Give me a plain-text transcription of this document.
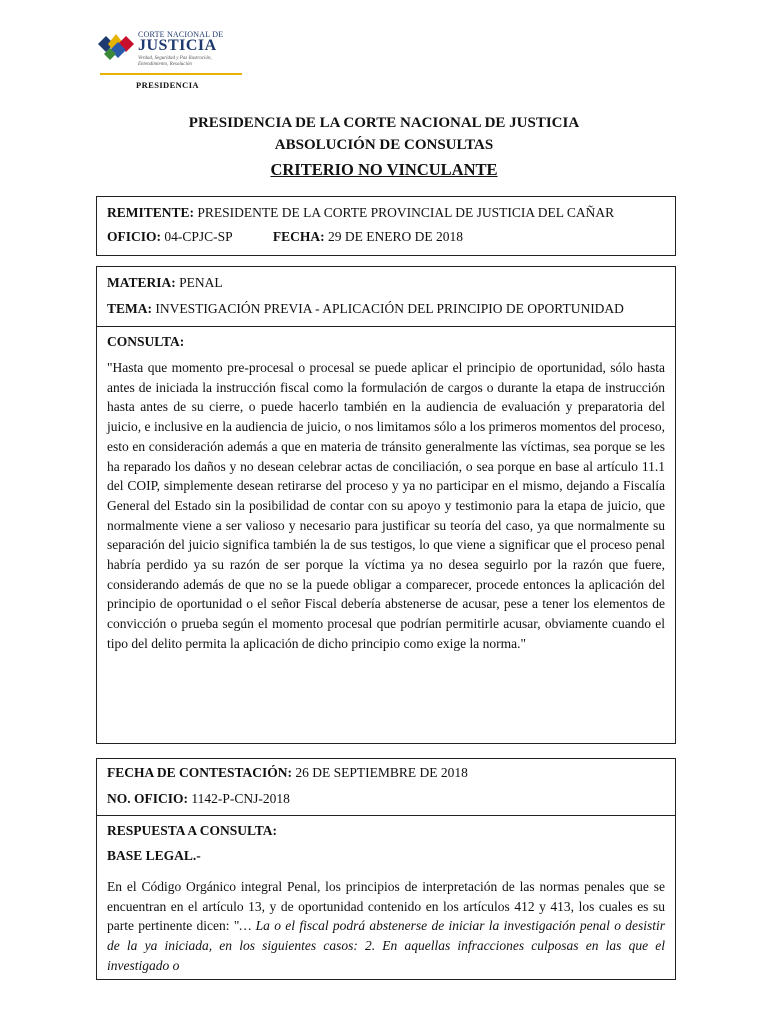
CORTE NACIONAL DE
JUSTICIA
Verdad, Seguridad y Paz Ilustración, Entendimiento, Resolución
PRESIDENCIA
PRESIDENCIA DE LA CORTE NACIONAL DE JUSTICIA
ABSOLUCIÓN DE CONSULTAS
CRITERIO NO VINCULANTE
REMITENTE: PRESIDENTE DE LA CORTE PROVINCIAL DE JUSTICIA DEL CAÑAR
OFICIO: 04-CPJC-SP	FECHA: 29 DE ENERO DE 2018
MATERIA: PENAL
TEMA: INVESTIGACIÓN PREVIA - APLICACIÓN DEL PRINCIPIO DE OPORTUNIDAD
CONSULTA:
"Hasta que momento pre-procesal o procesal se puede aplicar el principio de oportunidad, sólo hasta antes de iniciada la instrucción fiscal como la formulación de cargos o durante la etapa de instrucción hasta antes de su cierre, o puede hacerlo también en la audiencia de evaluación y preparatoria del juicio, e inclusive en la audiencia de juicio, o nos limitamos sólo a los primeros momentos del proceso, esto en consideración además a que en materia de tránsito generalmente las víctimas, sea porque se les ha reparado los daños y no desean celebrar actas de conciliación, o sea porque en base al artículo 11.1 del COIP, simplemente desean retirarse del proceso y ya no participar en el mismo, dejando a Fiscalía General del Estado sin la posibilidad de contar con su apoyo y testimonio para la etapa de juicio, que normalmente viene a ser valioso y necesario para justificar su teoría del caso, ya que normalmente su separación del juicio significa también la de sus testigos, lo que viene a significar que el proceso penal habría perdido ya su razón de ser porque la víctima ya no desea seguirlo por la razón que fuere, considerando además de que no se la puede obligar a comparecer, procede entonces la aplicación del principio de oportunidad o el señor Fiscal debería abstenerse de acusar, pese a tener los elementos de convicción o prueba según el momento procesal que podrían permitirle acusar, obviamente cuando el tipo del delito permita la aplicación de dicho principio como exige la norma."
FECHA DE CONTESTACIÓN: 26 DE SEPTIEMBRE DE 2018
NO. OFICIO: 1142-P-CNJ-2018
RESPUESTA A CONSULTA:
BASE LEGAL.-
En el Código Orgánico integral Penal, los principios de interpretación de las normas penales que se encuentran en el artículo 13, y de oportunidad contenido en los artículos 412 y 413, los cuales es su parte pertinente dicen: "… La o el fiscal podrá abstenerse de iniciar la investigación penal o desistir de la ya iniciada, en los siguientes casos: 2. En aquellas infracciones culposas en las que el investigado o
